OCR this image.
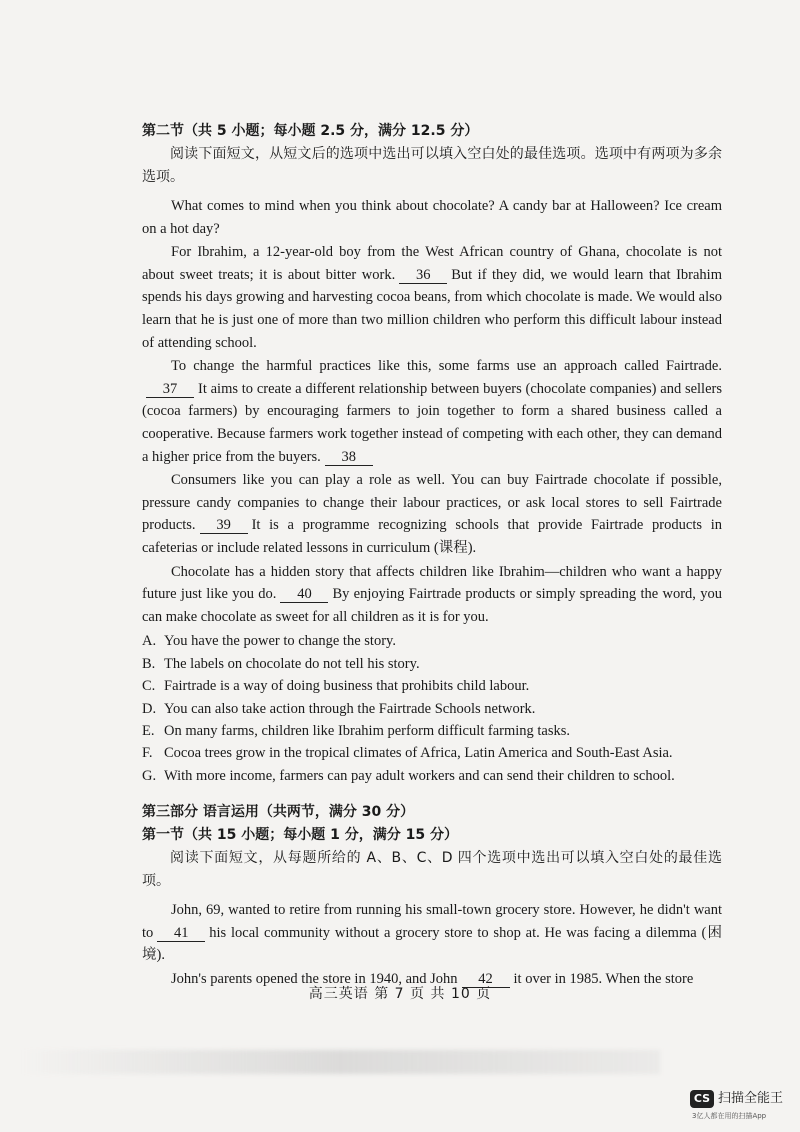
第二节（共 5 小题；每小题 2.5 分，满分 12.5 分）

阅读下面短文，从短文后的选项中选出可以填入空白处的最佳选项。选项中有两项为多余选项。

What comes to mind when you think about chocolate? A candy bar at Halloween? Ice cream on a hot day?

For Ibrahim, a 12-year-old boy from the West African country of Ghana, chocolate is not about sweet treats; it is about bitter work. 36 But if they did, we would learn that Ibrahim spends his days growing and harvesting cocoa beans, from which chocolate is made. We would also learn that he is just one of more than two million children who perform this difficult labour instead of attending school.

To change the harmful practices like this, some farms use an approach called Fairtrade.37 It aims to create a different relationship between buyers (chocolate companies) and sellers (cocoa farmers) by encouraging farmers to join together to form a shared business called a cooperative. Because farmers work together instead of competing with each other, they can demand a higher price from the buyers. 38

Consumers like you can play a role as well. You can buy Fairtrade chocolate if possible, pressure candy companies to change their labour practices, or ask local stores to sell Fairtrade products. 39 It is a programme recognizing schools that provide Fairtrade products in cafeterias or include related lessons in curriculum (课程).

Chocolate has a hidden story that affects children like Ibrahim—children who want a happy future just like you do. 40 By enjoying Fairtrade products or simply spreading the word, you can make chocolate as sweet for all children as it is for you.

A. You have the power to change the story.

B. The labels on chocolate do not tell his story.

C. Fairtrade is a way of doing business that prohibits child labour.

D. You can also take action through the Fairtrade Schools network.

E. On many farms, children like Ibrahim perform difficult farming tasks.

F. Cocoa trees grow in the tropical climates of Africa, Latin America and South-East Asia.

G. With more income, farmers can pay adult workers and can send their children to school.

第三部分 语言运用（共两节，满分 30 分）
第一节（共 15 小题；每小题 1 分，满分 15 分）

阅读下面短文，从每题所给的 A、B、C、D 四个选项中选出可以填入空白处的最佳选项。

John, 69, wanted to retire from running his small-town grocery store. However, he didn't want to 41 his local community without a grocery store to shop at. He was facing a dilemma (困境).

John's parents opened the store in 1940, and John 42 it over in 1985. When the store

高三英语 第 7 页 共 10 页
CS 扫描全能王
3亿人都在用的扫描App
